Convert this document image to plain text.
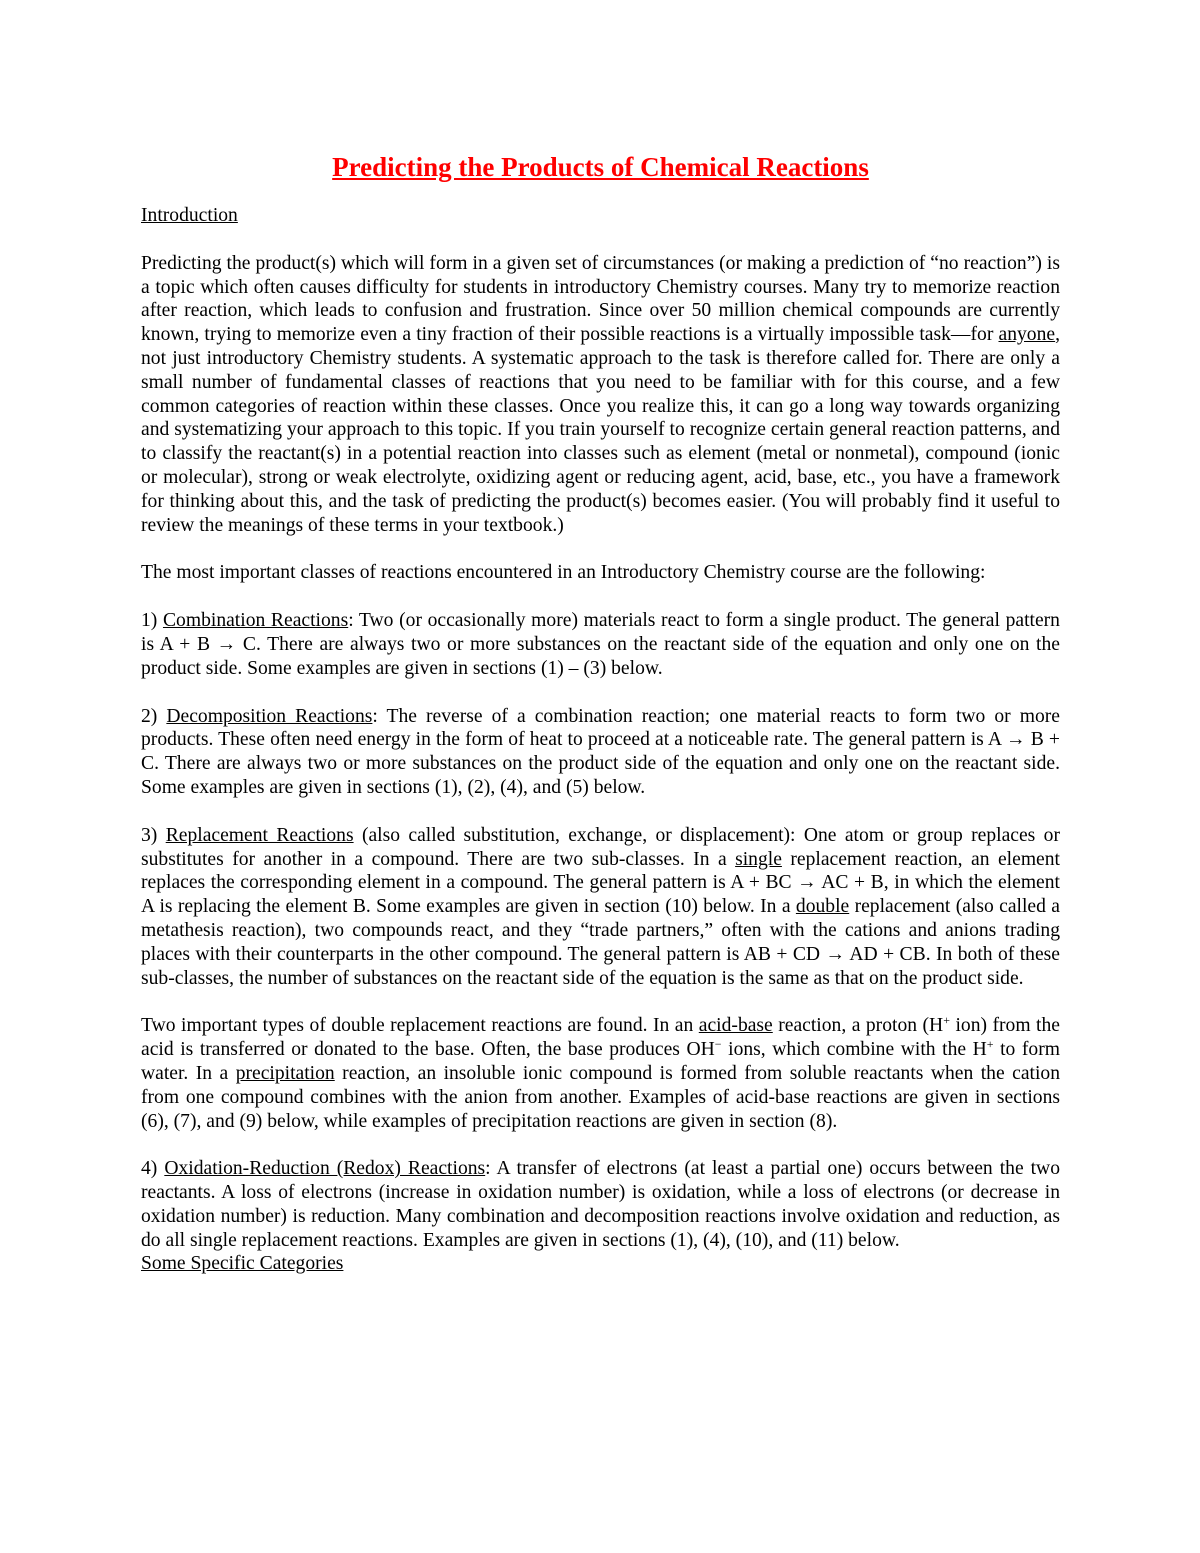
Predicting the Products of Chemical Reactions
Introduction

Predicting the product(s) which will form in a given set of circumstances (or making a prediction of “no reaction”) is a topic which often causes difficulty for students in introductory Chemistry courses. Many try to memorize reaction after reaction, which leads to confusion and frustration. Since over 50 million chemical compounds are currently known, trying to memorize even a tiny fraction of their possible reactions is a virtually impossible task—for anyone, not just introductory Chemistry students. A systematic approach to the task is therefore called for. There are only a small number of fundamental classes of reactions that you need to be familiar with for this course, and a few common categories of reaction within these classes. Once you realize this, it can go a long way towards organizing and systematizing your approach to this topic. If you train yourself to recognize certain general reaction patterns, and to classify the reactant(s) in a potential reaction into classes such as element (metal or nonmetal), compound (ionic or molecular), strong or weak electrolyte, oxidizing agent or reducing agent, acid, base, etc., you have a framework for thinking about this, and the task of predicting the product(s) becomes easier. (You will probably find it useful to review the meanings of these terms in your textbook.)

The most important classes of reactions encountered in an Introductory Chemistry course are the following:

1) Combination Reactions: Two (or occasionally more) materials react to form a single product. The general pattern is A + B → C. There are always two or more substances on the reactant side of the equation and only one on the product side. Some examples are given in sections (1) – (3) below.

2) Decomposition Reactions: The reverse of a combination reaction; one material reacts to form two or more products. These often need energy in the form of heat to proceed at a noticeable rate. The general pattern is A → B + C. There are always two or more substances on the product side of the equation and only one on the reactant side. Some examples are given in sections (1), (2), (4), and (5) below.

3) Replacement Reactions (also called substitution, exchange, or displacement): One atom or group replaces or substitutes for another in a compound. There are two sub-classes. In a single replacement reaction, an element replaces the corresponding element in a compound. The general pattern is A + BC → AC + B, in which the element A is replacing the element B. Some examples are given in section (10) below. In a double replacement (also called a metathesis reaction), two compounds react, and they “trade partners,” often with the cations and anions trading places with their counterparts in the other compound. The general pattern is AB + CD → AD + CB. In both of these sub-classes, the number of substances on the reactant side of the equation is the same as that on the product side.

Two important types of double replacement reactions are found. In an acid-base reaction, a proton (H+ ion) from the acid is transferred or donated to the base. Often, the base produces OH− ions, which combine with the H+ to form water. In a precipitation reaction, an insoluble ionic compound is formed from soluble reactants when the cation from one compound combines with the anion from another. Examples of acid-base reactions are given in sections (6), (7), and (9) below, while examples of precipitation reactions are given in section (8).

4) Oxidation-Reduction (Redox) Reactions: A transfer of electrons (at least a partial one) occurs between the two reactants. A loss of electrons (increase in oxidation number) is oxidation, while a loss of electrons (or decrease in oxidation number) is reduction. Many combination and decomposition reactions involve oxidation and reduction, as do all single replacement reactions. Examples are given in sections (1), (4), (10), and (11) below.

Some Specific Categories
